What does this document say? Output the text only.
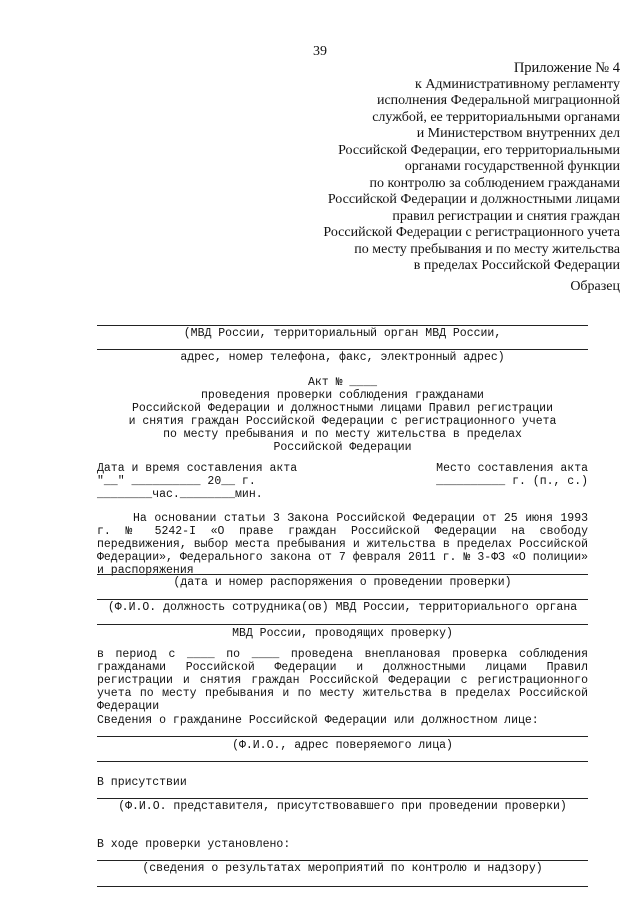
39
Приложение № 4
к Административному регламенту
исполнения Федеральной миграционной
службой, ее территориальными органами
и Министерством внутренних дел
Российской Федерации, его территориальными
органами государственной функции
по контролю за соблюдением гражданами
Российской Федерации и должностными лицами
правил регистрации и снятия граждан
Российской Федерации с регистрационного учета
по месту пребывания и по месту жительства
в пределах Российской Федерации
Образец
(МВД России, территориальный орган МВД России,
адрес, номер телефона, факс, электронный адрес)
Акт № ____
проведения проверки соблюдения гражданами
Российской Федерации и должностными лицами Правил регистрации
и снятия граждан Российской Федерации с регистрационного учета
по месту пребывания и по месту жительства в пределах
Российской Федерации
Дата и время составления акта
"__" __________ 20__ г.
________час.________мин.
Место составления акта
__________ г. (п., с.)
На основании статьи 3 Закона Российской Федерации от 25 июня 1993 г. № 5242-I «О праве граждан Российской Федерации на свободу передвижения, выбор места пребывания и жительства в пределах Российской Федерации», Федерального закона от 7 февраля 2011 г. № 3-ФЗ «О полиции» и распоряжения
(дата и номер распоряжения о проведении проверки)
(Ф.И.О. должность сотрудника(ов) МВД России, территориального органа
МВД России, проводящих проверку)
в период с ____ по ____ проведена внеплановая проверка соблюдения гражданами Российской Федерации и должностными лицами Правил регистрации и снятия граждан Российской Федерации с регистрационного учета по месту пребывания и по месту жительства в пределах Российской Федерации
Сведения о гражданине Российской Федерации или должностном лице:
(Ф.И.О., адрес поверяемого лица)
В присутствии
(Ф.И.О. представителя, присутствовавшего при проведении проверки)
В ходе проверки установлено:
(сведения о результатах мероприятий по контролю и надзору)
